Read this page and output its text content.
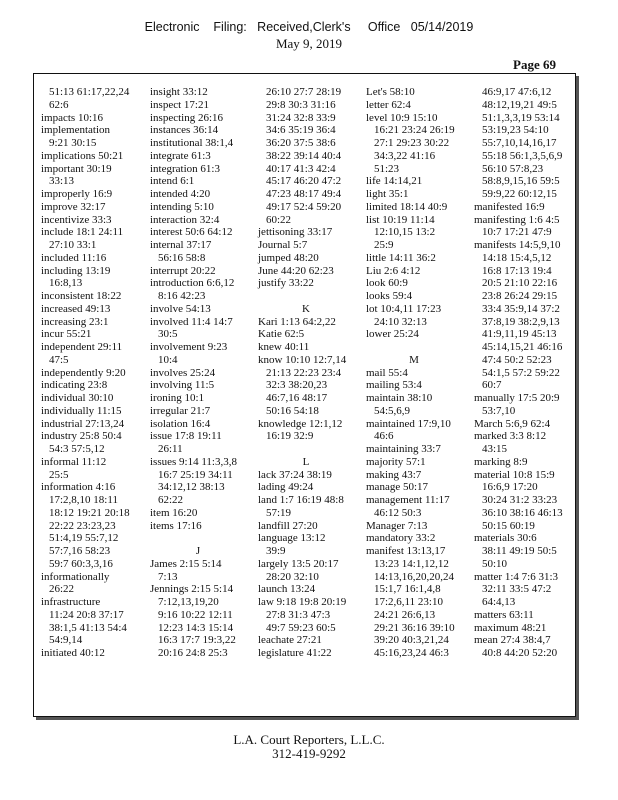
Electronic    Filing:   Received,Clerk's     Office   05/14/2019
May 9, 2019
Page 69
51:13 61:17,22,24
62:6
impacts 10:16
implementation
9:21 30:15
implications 50:21
important 30:19
33:13
improperly 16:9
improve 32:17
incentivize 33:3
include 18:1 24:11
27:10 33:1
included 11:16
including 13:19
16:8,13
inconsistent 18:22
increased 49:13
increasing 23:1
incur 55:21
independent 29:11
47:5
independently 9:20
indicating 23:8
individual 30:10
individually 11:15
industrial 27:13,24
industry 25:8 50:4
54:3 57:5,12
informal 11:12
25:5
information 4:16
17:2,8,10 18:11
18:12 19:21 20:18
22:22 23:23,23
51:4,19 55:7,12
57:7,16 58:23
59:7 60:3,3,16
informationally
26:22
infrastructure
11:24 20:8 37:17
38:1,5 41:13 54:4
54:9,14
initiated 40:12
insight 33:12
inspect 17:21
inspecting 26:16
instances 36:14
institutional 38:1,4
integrate 61:3
integration 61:3
intend 6:1
intended 4:20
intending 5:10
interaction 32:4
interest 50:6 64:12
internal 37:17
56:16 58:8
interrupt 20:22
introduction 6:6,12
8:16 42:23
involve 54:13
involved 11:4 14:7
30:5
involvement 9:23
10:4
involves 25:24
involving 11:5
ironing 10:1
irregular 21:7
isolation 16:4
issue 17:8 19:11
26:11
issues 9:14 11:3,3,8
16:7 25:19 34:11
34:12,12 38:13
62:22
item 16:20
items 17:16
J
James 2:15 5:14
7:13
Jennings 2:15 5:14
7:12,13,19,20
9:16 10:22 12:11
12:23 14:3 15:14
16:3 17:7 19:3,22
20:16 24:8 25:3
26:10 27:7 28:19
29:8 30:3 31:16
31:24 32:8 33:9
34:6 35:19 36:4
36:20 37:5 38:6
38:22 39:14 40:4
40:17 41:3 42:4
45:17 46:20 47:2
47:23 48:17 49:4
49:17 52:4 59:20
60:22
jettisoning 33:17
Journal 5:7
jumped 48:20
June 44:20 62:23
justify 33:22
K
Kari 1:13 64:2,22
Katie 62:5
knew 40:11
know 10:10 12:7,14
21:13 22:23 23:4
32:3 38:20,23
46:7,16 48:17
50:16 54:18
knowledge 12:1,12
16:19 32:9
L
lack 37:24 38:19
lading 49:24
land 1:7 16:19 48:8
57:19
landfill 27:20
language 13:12
39:9
largely 13:5 20:17
28:20 32:10
launch 13:24
law 9:18 19:8 20:19
27:8 31:3 47:3
49:7 59:23 60:5
leachate 27:21
legislature 41:22
Let's 58:10
letter 62:4
level 10:9 15:10
16:21 23:24 26:19
27:1 29:23 30:22
34:3,22 41:16
51:23
life 14:14,21
light 35:1
limited 18:14 40:9
list 10:19 11:14
12:10,15 13:2
25:9
little 14:11 36:2
Liu 2:6 4:12
look 60:9
looks 59:4
lot 10:4,11 17:23
24:10 32:13
lower 25:24
M
mail 55:4
mailing 53:4
maintain 38:10
54:5,6,9
maintained 17:9,10
46:6
maintaining 33:7
majority 57:1
making 43:7
manage 50:17
management 11:17
46:12 50:3
Manager 7:13
mandatory 33:2
manifest 13:13,17
13:23 14:1,12,12
14:13,16,20,20,24
15:1,7 16:1,4,8
17:2,6,11 23:10
24:21 26:6,13
29:21 36:16 39:10
39:20 40:3,21,24
45:16,23,24 46:3
46:9,17 47:6,12
48:12,19,21 49:5
51:1,3,3,19 53:14
53:19,23 54:10
55:7,10,14,16,17
55:18 56:1,3,5,6,9
56:10 57:8,23
58:8,9,15,16 59:5
59:9,22 60:12,15
manifested 16:9
manifesting 1:6 4:5
10:7 17:21 47:9
manifests 14:5,9,10
14:18 15:4,5,12
16:8 17:13 19:4
20:5 21:10 22:16
23:8 26:24 29:15
33:4 35:9,14 37:2
37:8,19 38:2,9,13
41:9,11,19 45:13
45:14,15,21 46:16
47:4 50:2 52:23
54:1,5 57:2 59:22
60:7
manually 17:5 20:9
53:7,10
March 5:6,9 62:4
marked 3:3 8:12
43:15
marking 8:9
material 10:8 15:9
16:6,9 17:20
30:24 31:2 33:23
36:10 38:16 46:13
50:15 60:19
materials 30:6
38:11 49:19 50:5
50:10
matter 1:4 7:6 31:3
32:11 33:5 47:2
64:4,13
matters 63:11
maximum 48:21
mean 27:4 38:4,7
40:8 44:20 52:20
L.A. Court Reporters, L.L.C.
312-419-9292
